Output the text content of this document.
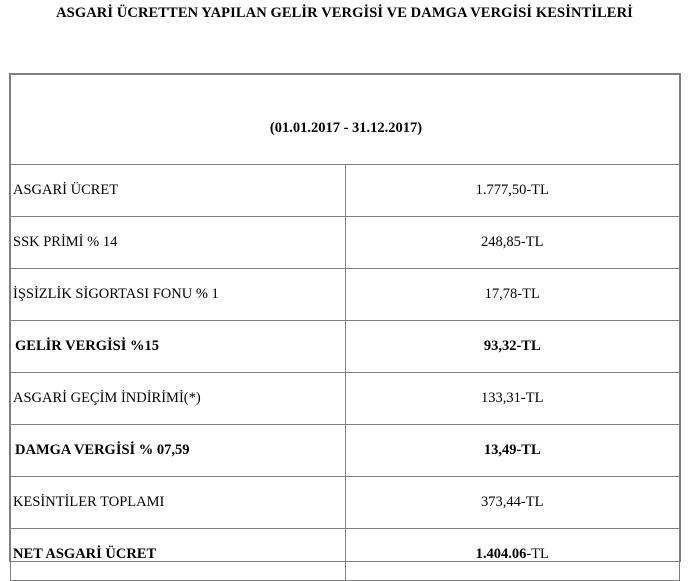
ASGARİ ÜCRETTEN YAPILAN GELİR VERGİSİ VE DAMGA VERGİSİ KESİNTİLERİ
(01.01.2017 - 31.12.2017)	
ASGARİ ÜCRET	1.777,50-TL
SSK PRİMİ % 14	248,85-TL
İŞSİZLİK SİGORTASI FONU % 1	17,78-TL
GELİR VERGİSİ %15	93,32-TL
ASGARİ GEÇİM İNDİRİMİ(*)	133,31-TL
DAMGA VERGİSİ % 07,59	13,49-TL
KESİNTİLER TOPLAMI	373,44-TL
NET ASGARİ ÜCRET	1.404.06-TL
